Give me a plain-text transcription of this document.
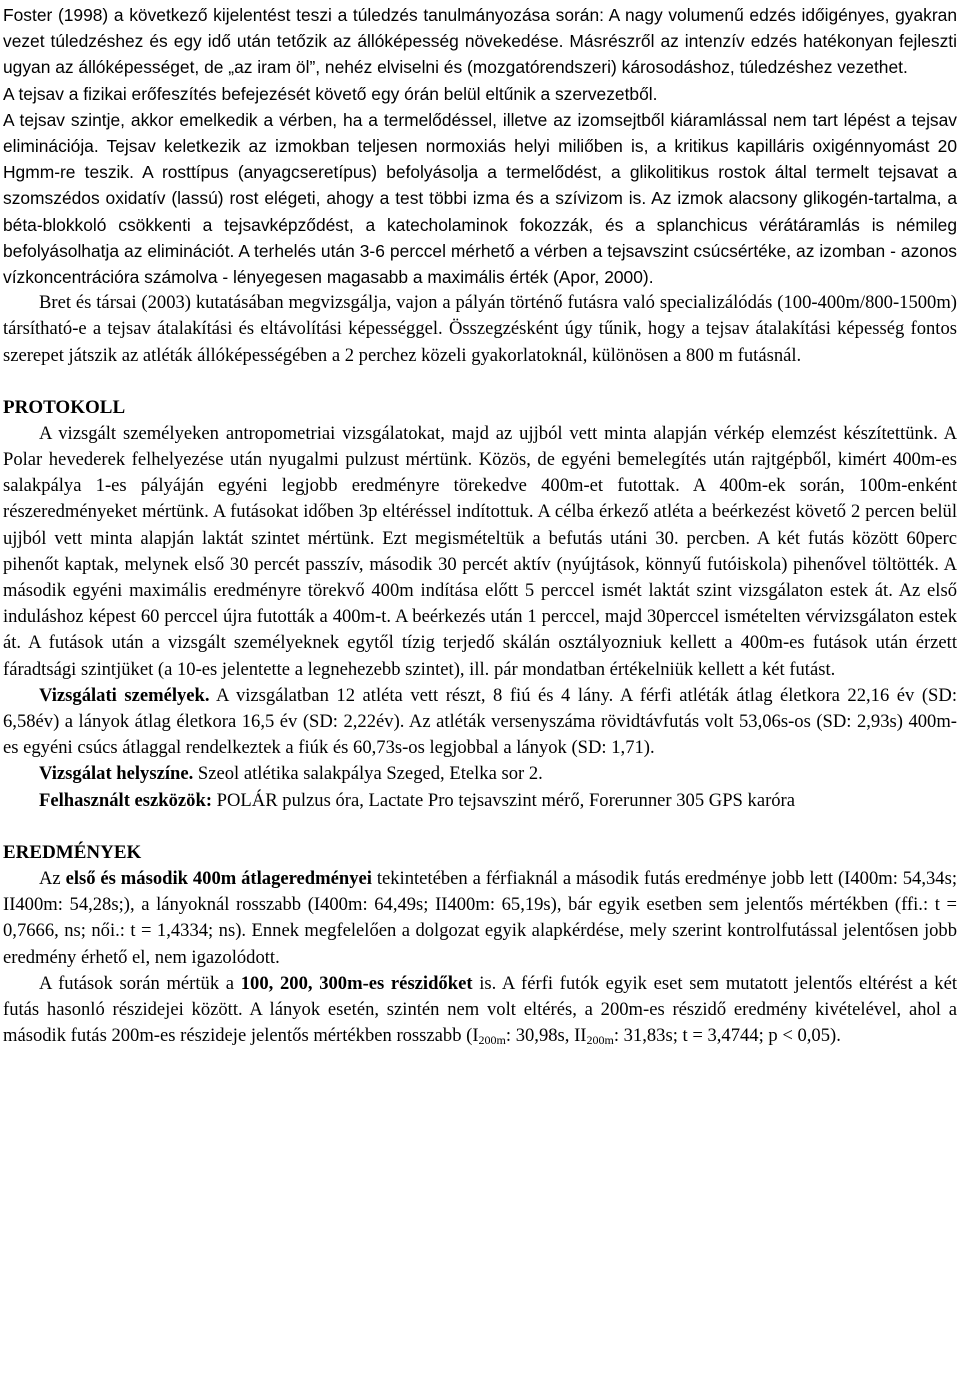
Foster (1998) a következő kijelentést teszi a túledzés tanulmányozása során: A nagy volumenű edzés időigényes, gyakran vezet túledzéshez és egy idő után tetőzik az állóképesség növekedése. Másrészről az intenzív edzés hatékonyan fejleszti ugyan az állóképességet, de „az iram öl”, nehéz elviselni és (mozgatórendszeri) károsodáshoz, túledzéshez vezethet.

A tejsav a fizikai erőfeszítés befejezését követő egy órán belül eltűnik a szervezetből.

A tejsav szintje, akkor emelkedik a vérben, ha a termelődéssel, illetve az izomsejtből kiáramlással nem tart lépést a tejsav eliminációja. Tejsav keletkezik az izmokban teljesen normoxiás helyi miliőben is, a kritikus kapilláris oxigénnyomást 20 Hgmm-re teszik. A rosttípus (anyagcseretípus) befolyásolja a termelődést, a glikolitikus rostok által termelt tejsavat a szomszédos oxidatív (lassú) rost elégeti, ahogy a test többi izma és a szívizom is. Az izmok alacsony glikogén-tartalma, a béta-blokkoló csökkenti a tejsavképződést, a katecholaminok fokozzák, és a splanchicus vérátáramlás is némileg befolyásolhatja az eliminációt. A terhelés után 3-6 perccel mérhető a vérben a tejsavszint csúcsértéke, az izomban - azonos vízkoncentrációra számolva - lényegesen magasabb a maximális érték (Apor, 2000).

Bret és társai (2003) kutatásában megvizsgálja, vajon a pályán történő futásra való specializálódás (100-400m/800-1500m) társítható-e a tejsav átalakítási és eltávolítási képességgel. Összegzésként úgy tűnik, hogy a tejsav átalakítási képesség fontos szerepet játszik az atléták állóképességében a 2 perchez közeli gyakorlatoknál, különösen a 800 m futásnál.

PROTOKOLL

A vizsgált személyeken antropometriai vizsgálatokat, majd az ujjból vett minta alapján vérkép elemzést készítettünk. A Polar hevederek felhelyezése után nyugalmi pulzust mértünk. Közös, de egyéni bemelegítés után rajtgépből, kimért 400m-es salakpálya 1-es pályáján egyéni legjobb eredményre törekedve 400m-et futottak. A 400m-ek során, 100m-enként részeredményeket mértünk. A futásokat időben 3p eltéréssel indítottuk. A célba érkező atléta a beérkezést követő 2 percen belül ujjból vett minta alapján laktát szintet mértünk. Ezt megismételtük a befutás utáni 30. percben. A két futás között 60perc pihenőt kaptak, melynek első 30 percét passzív, második 30 percét aktív (nyújtások, könnyű futóiskola) pihenővel töltötték. A második egyéni maximális eredményre törekvő 400m indítása előtt 5 perccel ismét laktát szint vizsgálaton estek át. Az első induláshoz képest 60 perccel újra futották a 400m-t. A beérkezés után 1 perccel, majd 30perccel ismételten vérvizsgálaton estek át. A futások után a vizsgált személyeknek egytől tízig terjedő skálán osztályozniuk kellett a 400m-es futások után érzett fáradtsági szintjüket (a 10-es jelentette a legnehezebb szintet), ill. pár mondatban értékelniük kellett a két futást.

Vizsgálati személyek. A vizsgálatban 12 atléta vett részt, 8 fiú és 4 lány. A férfi atléták átlag életkora 22,16 év (SD: 6,58év) a lányok átlag életkora 16,5 év (SD: 2,22év). Az atléták versenyszáma rövidtávfutás volt 53,06s-os (SD: 2,93s) 400m-es egyéni csúcs átlaggal rendelkeztek a fiúk és 60,73s-os legjobbal a lányok (SD: 1,71).

Vizsgálat helyszíne. Szeol atlétika salakpálya Szeged, Etelka sor 2.

Felhasznált eszközök: POLÁR pulzus óra, Lactate Pro tejsavszint mérő, Forerunner 305 GPS karóra

EREDMÉNYEK

Az első és második 400m átlageredményei tekintetében a férfiaknál a második futás eredménye jobb lett (I400m: 54,34s; II400m: 54,28s;), a lányoknál rosszabb (I400m: 64,49s; II400m: 65,19s), bár egyik esetben sem jelentős mértékben (ffi.: t = 0,7666, ns; női.: t = 1,4334; ns). Ennek megfelelően a dolgozat egyik alapkérdése, mely szerint kontrolfutással jelentősen jobb eredmény érhető el, nem igazolódott.

A futások során mértük a 100, 200, 300m-es részidőket is. A férfi futók egyik eset sem mutatott jelentős eltérést a két futás hasonló részidejei között. A lányok esetén, szintén nem volt eltérés, a 200m-es részidő eredmény kivételével, ahol a második futás 200m-es részideje jelentős mértékben rosszabb ($I_{200m}$: 30,98s, $II_{200m}$: 31,83s; t = 3,4744; p < 0,05).
